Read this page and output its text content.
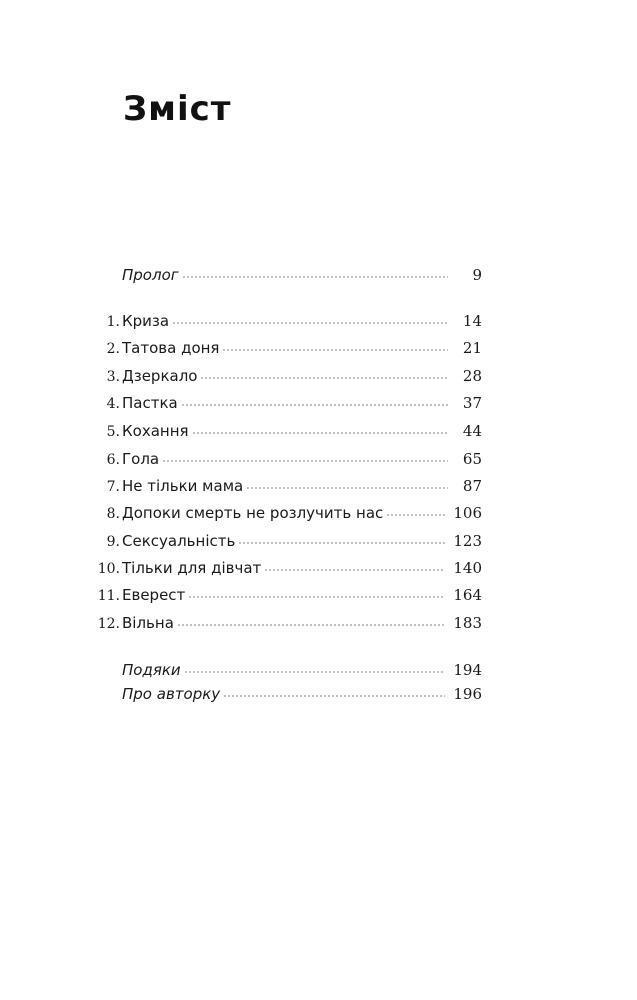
Зміст
Пролог	9
1. Криза	14
2. Татова доня	21
3. Дзеркало	28
4. Пастка	37
5. Кохання	44
6. Гола	65
7. Не тільки мама	87
8. Допоки смерть не розлучить нас	106
9. Сексуальність	123
10. Тільки для дівчат	140
11. Еверест	164
12. Вільна	183
Подяки	194
Про авторку	196
